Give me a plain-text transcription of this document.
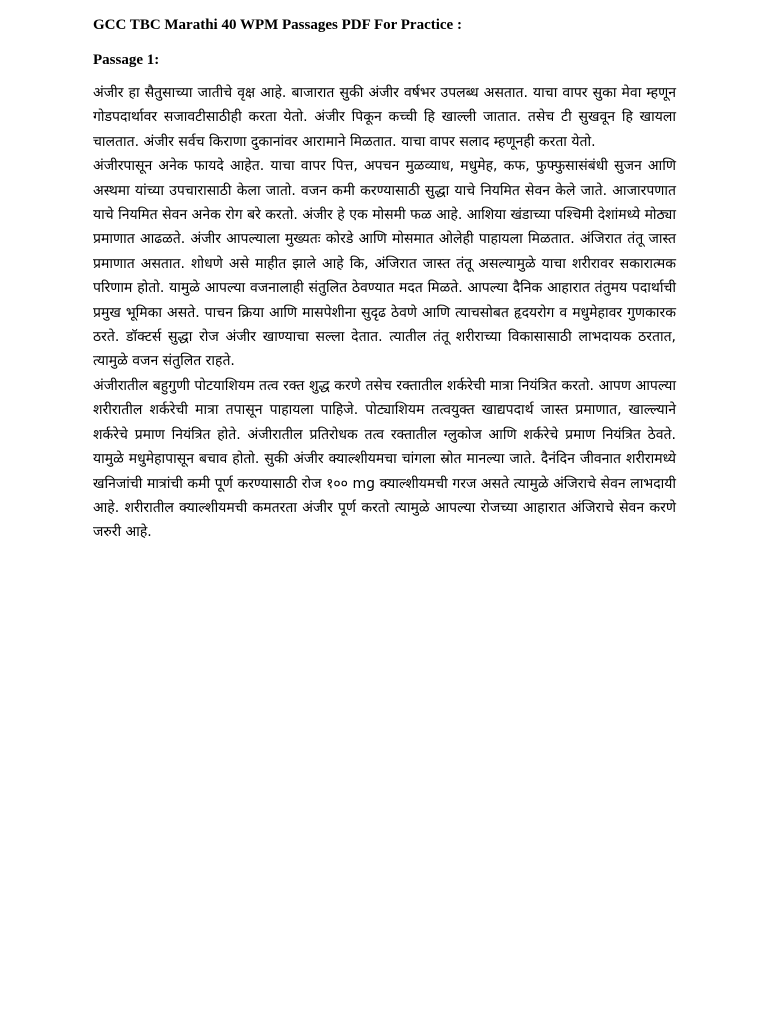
GCC TBC Marathi 40 WPM Passages PDF For Practice :
Passage 1:

अंजीर हा सैतुसाच्या जातीचे वृक्ष आहे. बाजारात सुकी अंजीर वर्षभर उपलब्ध असतात. याचा वापर सुका मेवा म्हणून गोडपदार्थावर सजावटीसाठीही करता येतो. अंजीर पिकून कच्ची हि खाल्ली जातात. तसेच टी सुखवून हि खायला चालतात. अंजीर सर्वच किराणा दुकानांवर आरामाने मिळतात. याचा वापर सलाद म्हणूनही करता येतो.

अंजीरपासून अनेक फायदे आहेत. याचा वापर पित्त, अपचन मुळव्याध, मधुमेह, कफ, फुफ्फुसासंबंधी सुजन आणि अस्थमा यांच्या उपचारासाठी केला जातो. वजन कमी करण्यासाठी सुद्धा याचे नियमित सेवन केले जाते. आजारपणात याचे नियमित सेवन अनेक रोग बरे करतो. अंजीर हे एक मोसमी फळ आहे. आशिया खंडाच्या पश्चिमी देशांमध्ये मोठ्या प्रमाणात आढळते. अंजीर आपल्याला मुख्यतः कोरडे आणि मोसमात ओलेही पाहायला मिळतात. अंजिरात तंतू जास्त प्रमाणात असतात. शोधणे असे माहीत झाले आहे कि, अंजिरात जास्त तंतू असल्यामुळे याचा शरीरावर सकारात्मक परिणाम होतो. यामुळे आपल्या वजनालाही संतुलित ठेवण्यात मदत मिळते. आपल्या दैनिक आहारात तंतुमय पदार्थाची प्रमुख भूमिका असते. पाचन क्रिया आणि मासपेशीना सुदृढ ठेवणे आणि त्याचसोबत हृदयरोग व मधुमेहावर गुणकारक ठरते. डॉक्टर्स सुद्धा रोज अंजीर खाण्याचा सल्ला देतात. त्यातील तंतू शरीराच्या विकासासाठी लाभदायक ठरतात, त्यामुळे वजन संतुलित राहते.

अंजीरातील बहुगुणी पोटयाशियम तत्व रक्त शुद्ध करणे तसेच रक्तातील शर्करेची मात्रा नियंत्रित करतो. आपण आपल्या शरीरातील शर्करेची मात्रा तपासून पाहायला पाहिजे. पोट्याशियम तत्वयुक्त खाद्यपदार्थ जास्त प्रमाणात, खाल्ल्याने शर्करेचे प्रमाण नियंत्रित होते. अंजीरातील प्रतिरोधक तत्व रक्तातील ग्लुकोज आणि शर्करेचे प्रमाण नियंत्रित ठेवते. यामुळे मधुमेहापासून बचाव होतो. सुकी अंजीर क्याल्शीयमचा चांगला स्रोत मानल्या जाते. दैनंदिन जीवनात शरीरामध्ये खनिजांची मात्रांची कमी पूर्ण करण्यासाठी रोज १०० mg क्याल्शीयमची गरज असते त्यामुळे अंजिराचे सेवन लाभदायी आहे. शरीरातील क्याल्शीयमची कमतरता अंजीर पूर्ण करतो त्यामुळे आपल्या रोजच्या आहारात अंजिराचे सेवन करणे जरुरी आहे.
